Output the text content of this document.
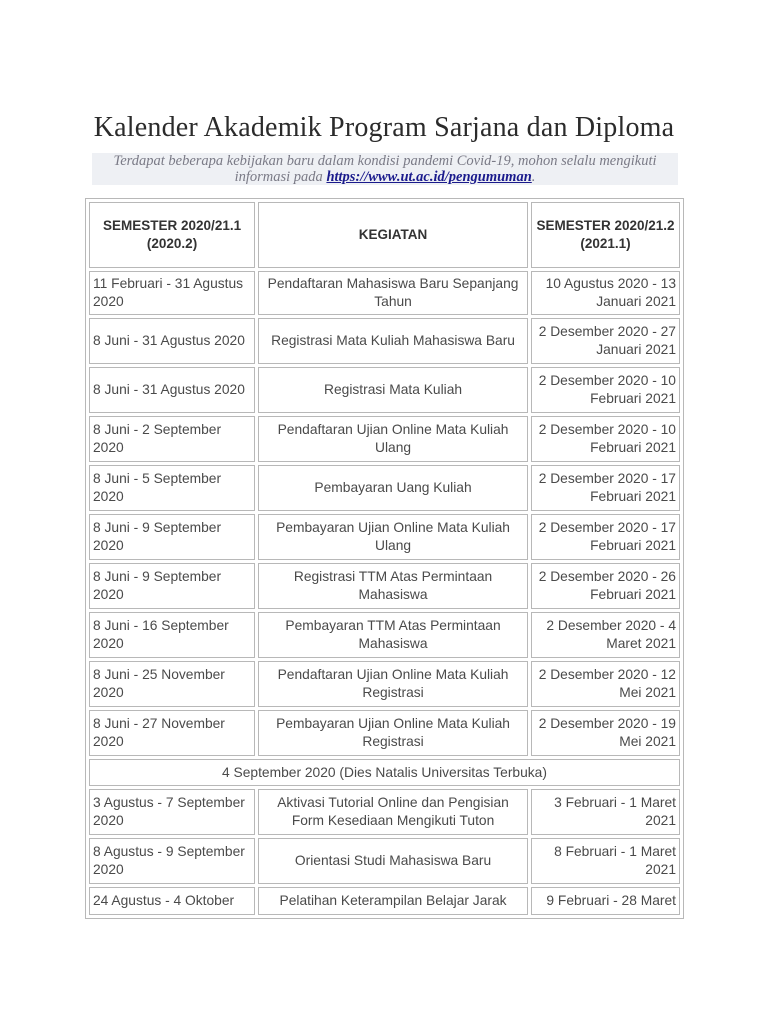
Kalender Akademik Program Sarjana dan Diploma
Terdapat beberapa kebijakan baru dalam kondisi pandemi Covid-19, mohon selalu mengikuti informasi pada https://www.ut.ac.id/pengumuman.
SEMESTER 2020/21.1 (2020.2)	KEGIATAN	SEMESTER 2020/21.2 (2021.1)
11 Februari - 31 Agustus 2020	Pendaftaran Mahasiswa Baru Sepanjang Tahun	10 Agustus 2020 - 13 Januari 2021
8 Juni - 31 Agustus 2020	Registrasi Mata Kuliah Mahasiswa Baru	2 Desember 2020 - 27 Januari 2021
8 Juni - 31 Agustus 2020	Registrasi Mata Kuliah	2 Desember 2020 - 10 Februari 2021
8 Juni - 2 September 2020	Pendaftaran Ujian Online Mata Kuliah Ulang	2 Desember 2020 - 10 Februari 2021
8 Juni - 5 September 2020	Pembayaran Uang Kuliah	2 Desember 2020 - 17 Februari 2021
8 Juni - 9 September 2020	Pembayaran Ujian Online Mata Kuliah Ulang	2 Desember 2020 - 17 Februari 2021
8 Juni - 9 September 2020	Registrasi TTM Atas Permintaan Mahasiswa	2 Desember 2020 - 26 Februari 2021
8 Juni - 16 September 2020	Pembayaran TTM Atas Permintaan Mahasiswa	2 Desember 2020 - 4 Maret 2021
8 Juni - 25 November 2020	Pendaftaran Ujian Online Mata Kuliah Registrasi	2 Desember 2020 - 12 Mei 2021
8 Juni - 27 November 2020	Pembayaran Ujian Online Mata Kuliah Registrasi	2 Desember 2020 - 19 Mei 2021
4 September 2020 (Dies Natalis Universitas Terbuka)		
3 Agustus - 7 September 2020	Aktivasi Tutorial Online dan Pengisian Form Kesediaan Mengikuti Tuton	3 Februari - 1 Maret 2021
8 Agustus - 9 September 2020	Orientasi Studi Mahasiswa Baru	8 Februari - 1 Maret 2021
24 Agustus - 4 Oktober	Pelatihan Keterampilan Belajar Jarak	9 Februari - 28 Maret
